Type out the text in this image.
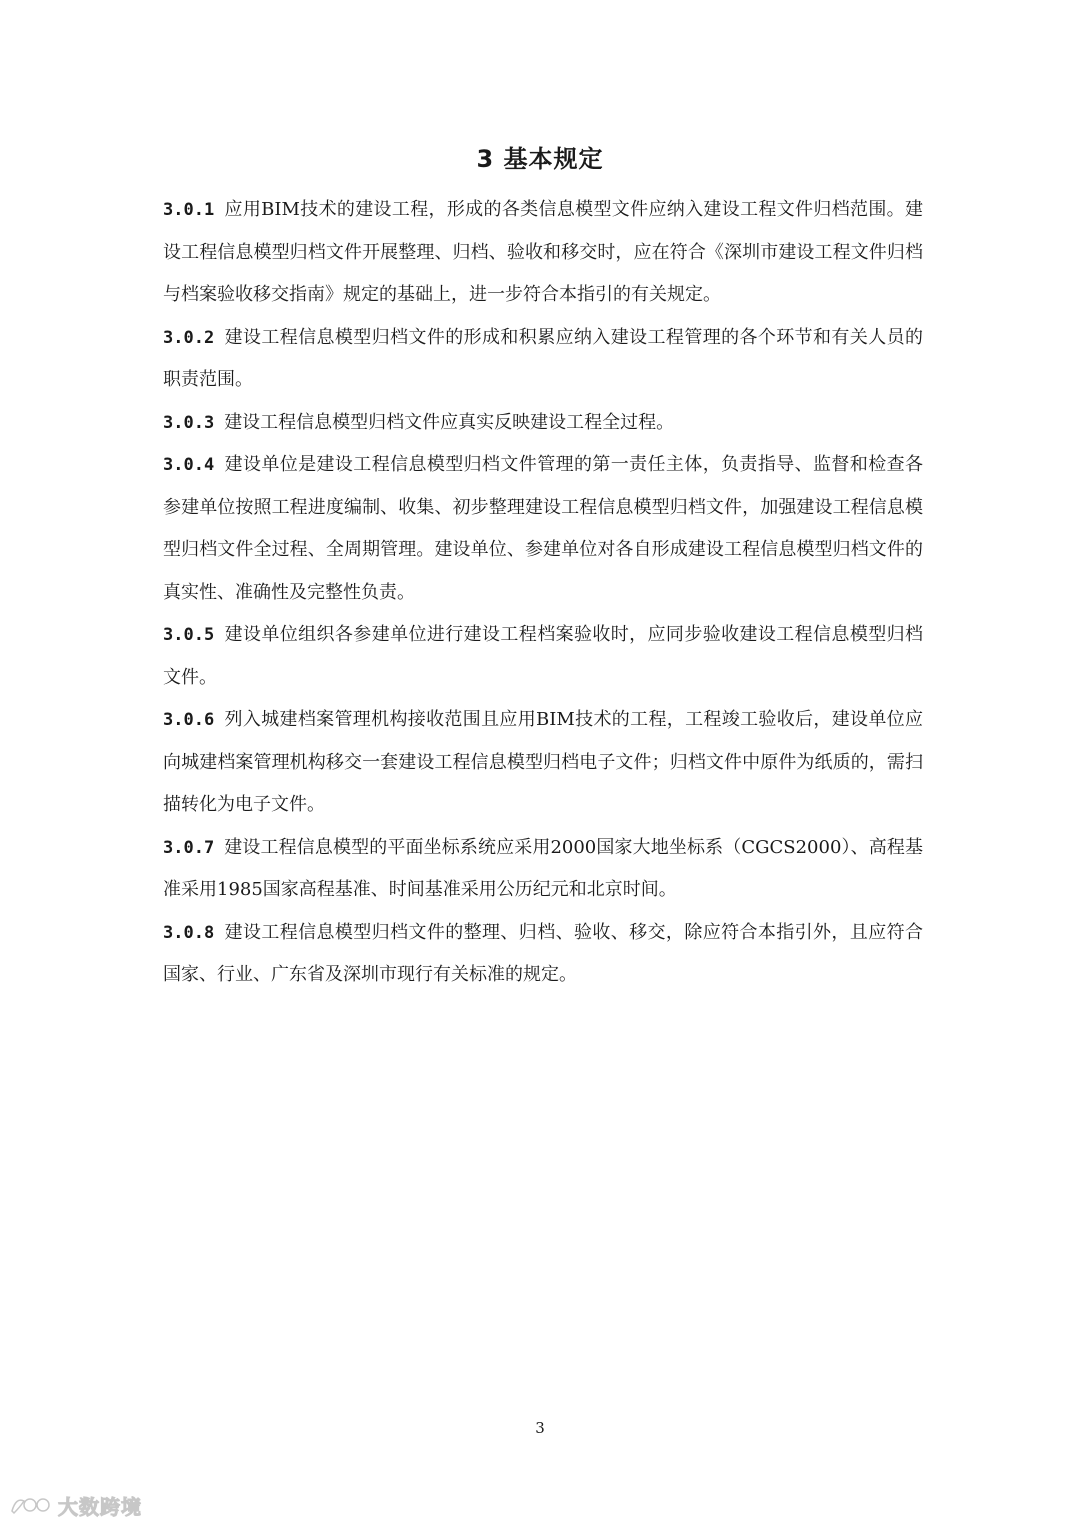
3 基本规定

3.0.1 应用BIM技术的建设工程，形成的各类信息模型文件应纳入建设工程文件归档范围。建设工程信息模型归档文件开展整理、归档、验收和移交时，应在符合《深圳市建设工程文件归档与档案验收移交指南》规定的基础上，进一步符合本指引的有关规定。

3.0.2 建设工程信息模型归档文件的形成和积累应纳入建设工程管理的各个环节和有关人员的职责范围。

3.0.3 建设工程信息模型归档文件应真实反映建设工程全过程。

3.0.4 建设单位是建设工程信息模型归档文件管理的第一责任主体，负责指导、监督和检查各参建单位按照工程进度编制、收集、初步整理建设工程信息模型归档文件，加强建设工程信息模型归档文件全过程、全周期管理。建设单位、参建单位对各自形成建设工程信息模型归档文件的真实性、准确性及完整性负责。

3.0.5 建设单位组织各参建单位进行建设工程档案验收时，应同步验收建设工程信息模型归档文件。

3.0.6 列入城建档案管理机构接收范围且应用BIM技术的工程，工程竣工验收后，建设单位应向城建档案管理机构移交一套建设工程信息模型归档电子文件；归档文件中原件为纸质的，需扫描转化为电子文件。

3.0.7 建设工程信息模型的平面坐标系统应采用2000国家大地坐标系（CGCS2000）、高程基准采用1985国家高程基准、时间基准采用公历纪元和北京时间。

3.0.8 建设工程信息模型归档文件的整理、归档、验收、移交，除应符合本指引外，且应符合国家、行业、广东省及深圳市现行有关标准的规定。

3
大数跨境
